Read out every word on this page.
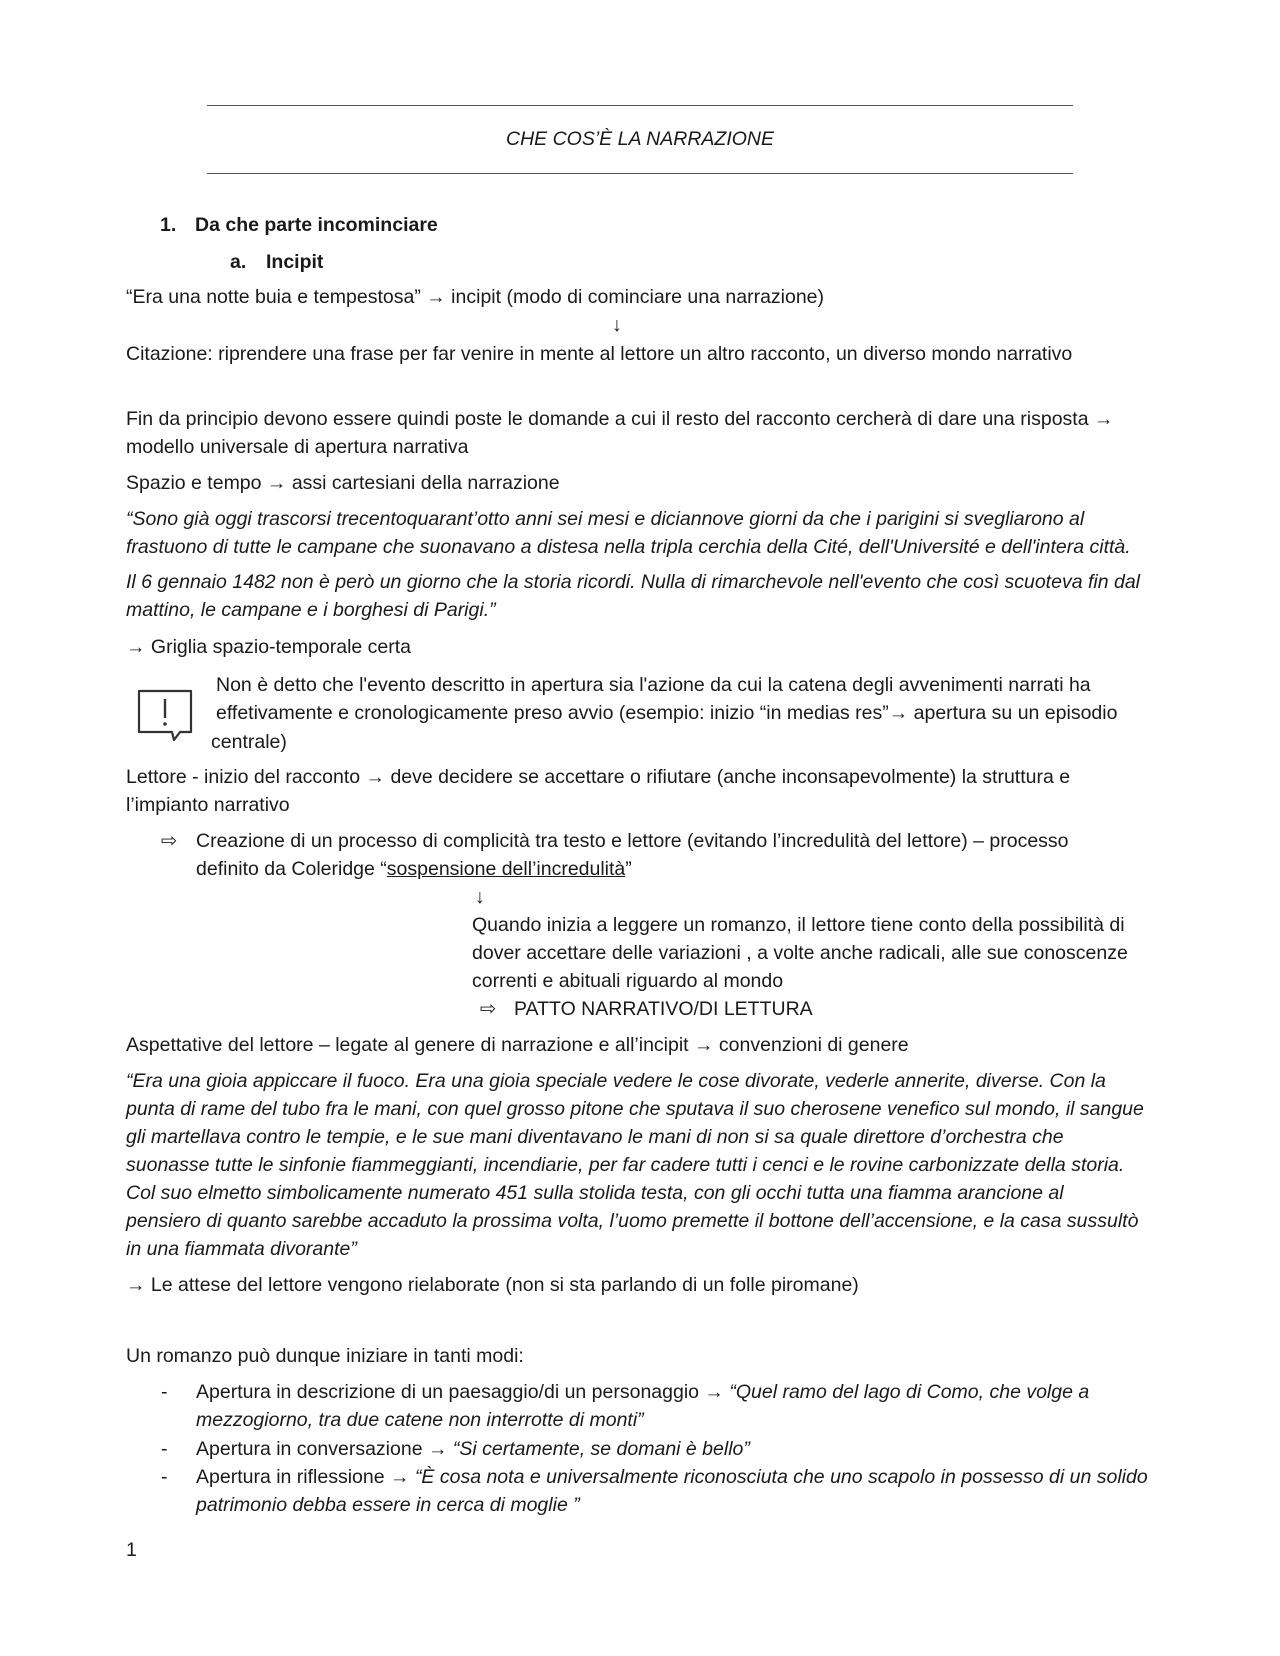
CHE COS’È LA NARRAZIONE
1. Da che parte incominciare
a. Incipit
“Era una notte buia e tempestosa” → incipit (modo di cominciare una narrazione)
↓
Citazione: riprendere una frase per far venire in mente al lettore un altro racconto, un diverso mondo narrativo
Fin da principio devono essere quindi poste le domande a cui il resto del racconto cercherà di dare una risposta →
modello universale di apertura narrativa
Spazio e tempo → assi cartesiani della narrazione
“Sono già oggi trascorsi trecentoquarant’otto anni sei mesi e diciannove giorni da che i parigini si svegliarono al
frastuono di tutte le campane che suonavano a distesa nella tripla cerchia della Cité, dell'Université e dell'intera città.
Il 6 gennaio 1482 non è però un giorno che la storia ricordi. Nulla di rimarchevole nell'evento che così scuoteva fin dal
mattino, le campane e i borghesi di Parigi.”
→ Griglia spazio-temporale certa
Non è detto che l'evento descritto in apertura sia l'azione da cui la catena degli avvenimenti narrati ha
effetivamente e cronologicamente preso avvio (esempio: inizio “in medias res”→ apertura su un episodio
centrale)
Lettore - inizio del racconto → deve decidere se accettare o rifiutare (anche inconsapevolmente) la struttura e
l’impianto narrativo
⇨ Creazione di un processo di complicità tra testo e lettore (evitando l’incredulità del lettore) – processo
definito da Coleridge “sospensione dell’incredulità”
↓
Quando inizia a leggere un romanzo, il lettore tiene conto della possibilità di
dover accettare delle variazioni , a volte anche radicali, alle sue conoscenze
correnti e abituali riguardo al mondo
⇨ PATTO NARRATIVO/DI LETTURA
Aspettative del lettore – legate al genere di narrazione e all’incipit → convenzioni di genere
“Era una gioia appiccare il fuoco. Era una gioia speciale vedere le cose divorate, vederle annerite, diverse. Con la
punta di rame del tubo fra le mani, con quel grosso pitone che sputava il suo cherosene venefico sul mondo, il sangue
gli martellava contro le tempie, e le sue mani diventavano le mani di non si sa quale direttore d’orchestra che
suonasse tutte le sinfonie fiammeggianti, incendiarie, per far cadere tutti i cenci e le rovine carbonizzate della storia.
Col suo elmetto simbolicamente numerato 451 sulla stolida testa, con gli occhi tutta una fiamma arancione al
pensiero di quanto sarebbe accaduto la prossima volta, l’uomo premette il bottone dell’accensione, e la casa sussultò
in una fiammata divorante”
→ Le attese del lettore vengono rielaborate (non si sta parlando di un folle piromane)
Un romanzo può dunque iniziare in tanti modi:
- Apertura in descrizione di un paesaggio/di un personaggio → “Quel ramo del lago di Como, che volge a
mezzogiorno, tra due catene non interrotte di monti”
- Apertura in conversazione → “Si certamente, se domani è bello”
- Apertura in riflessione → “È cosa nota e universalmente riconosciuta che uno scapolo in possesso di un solido
patrimonio debba essere in cerca di moglie ”
1
